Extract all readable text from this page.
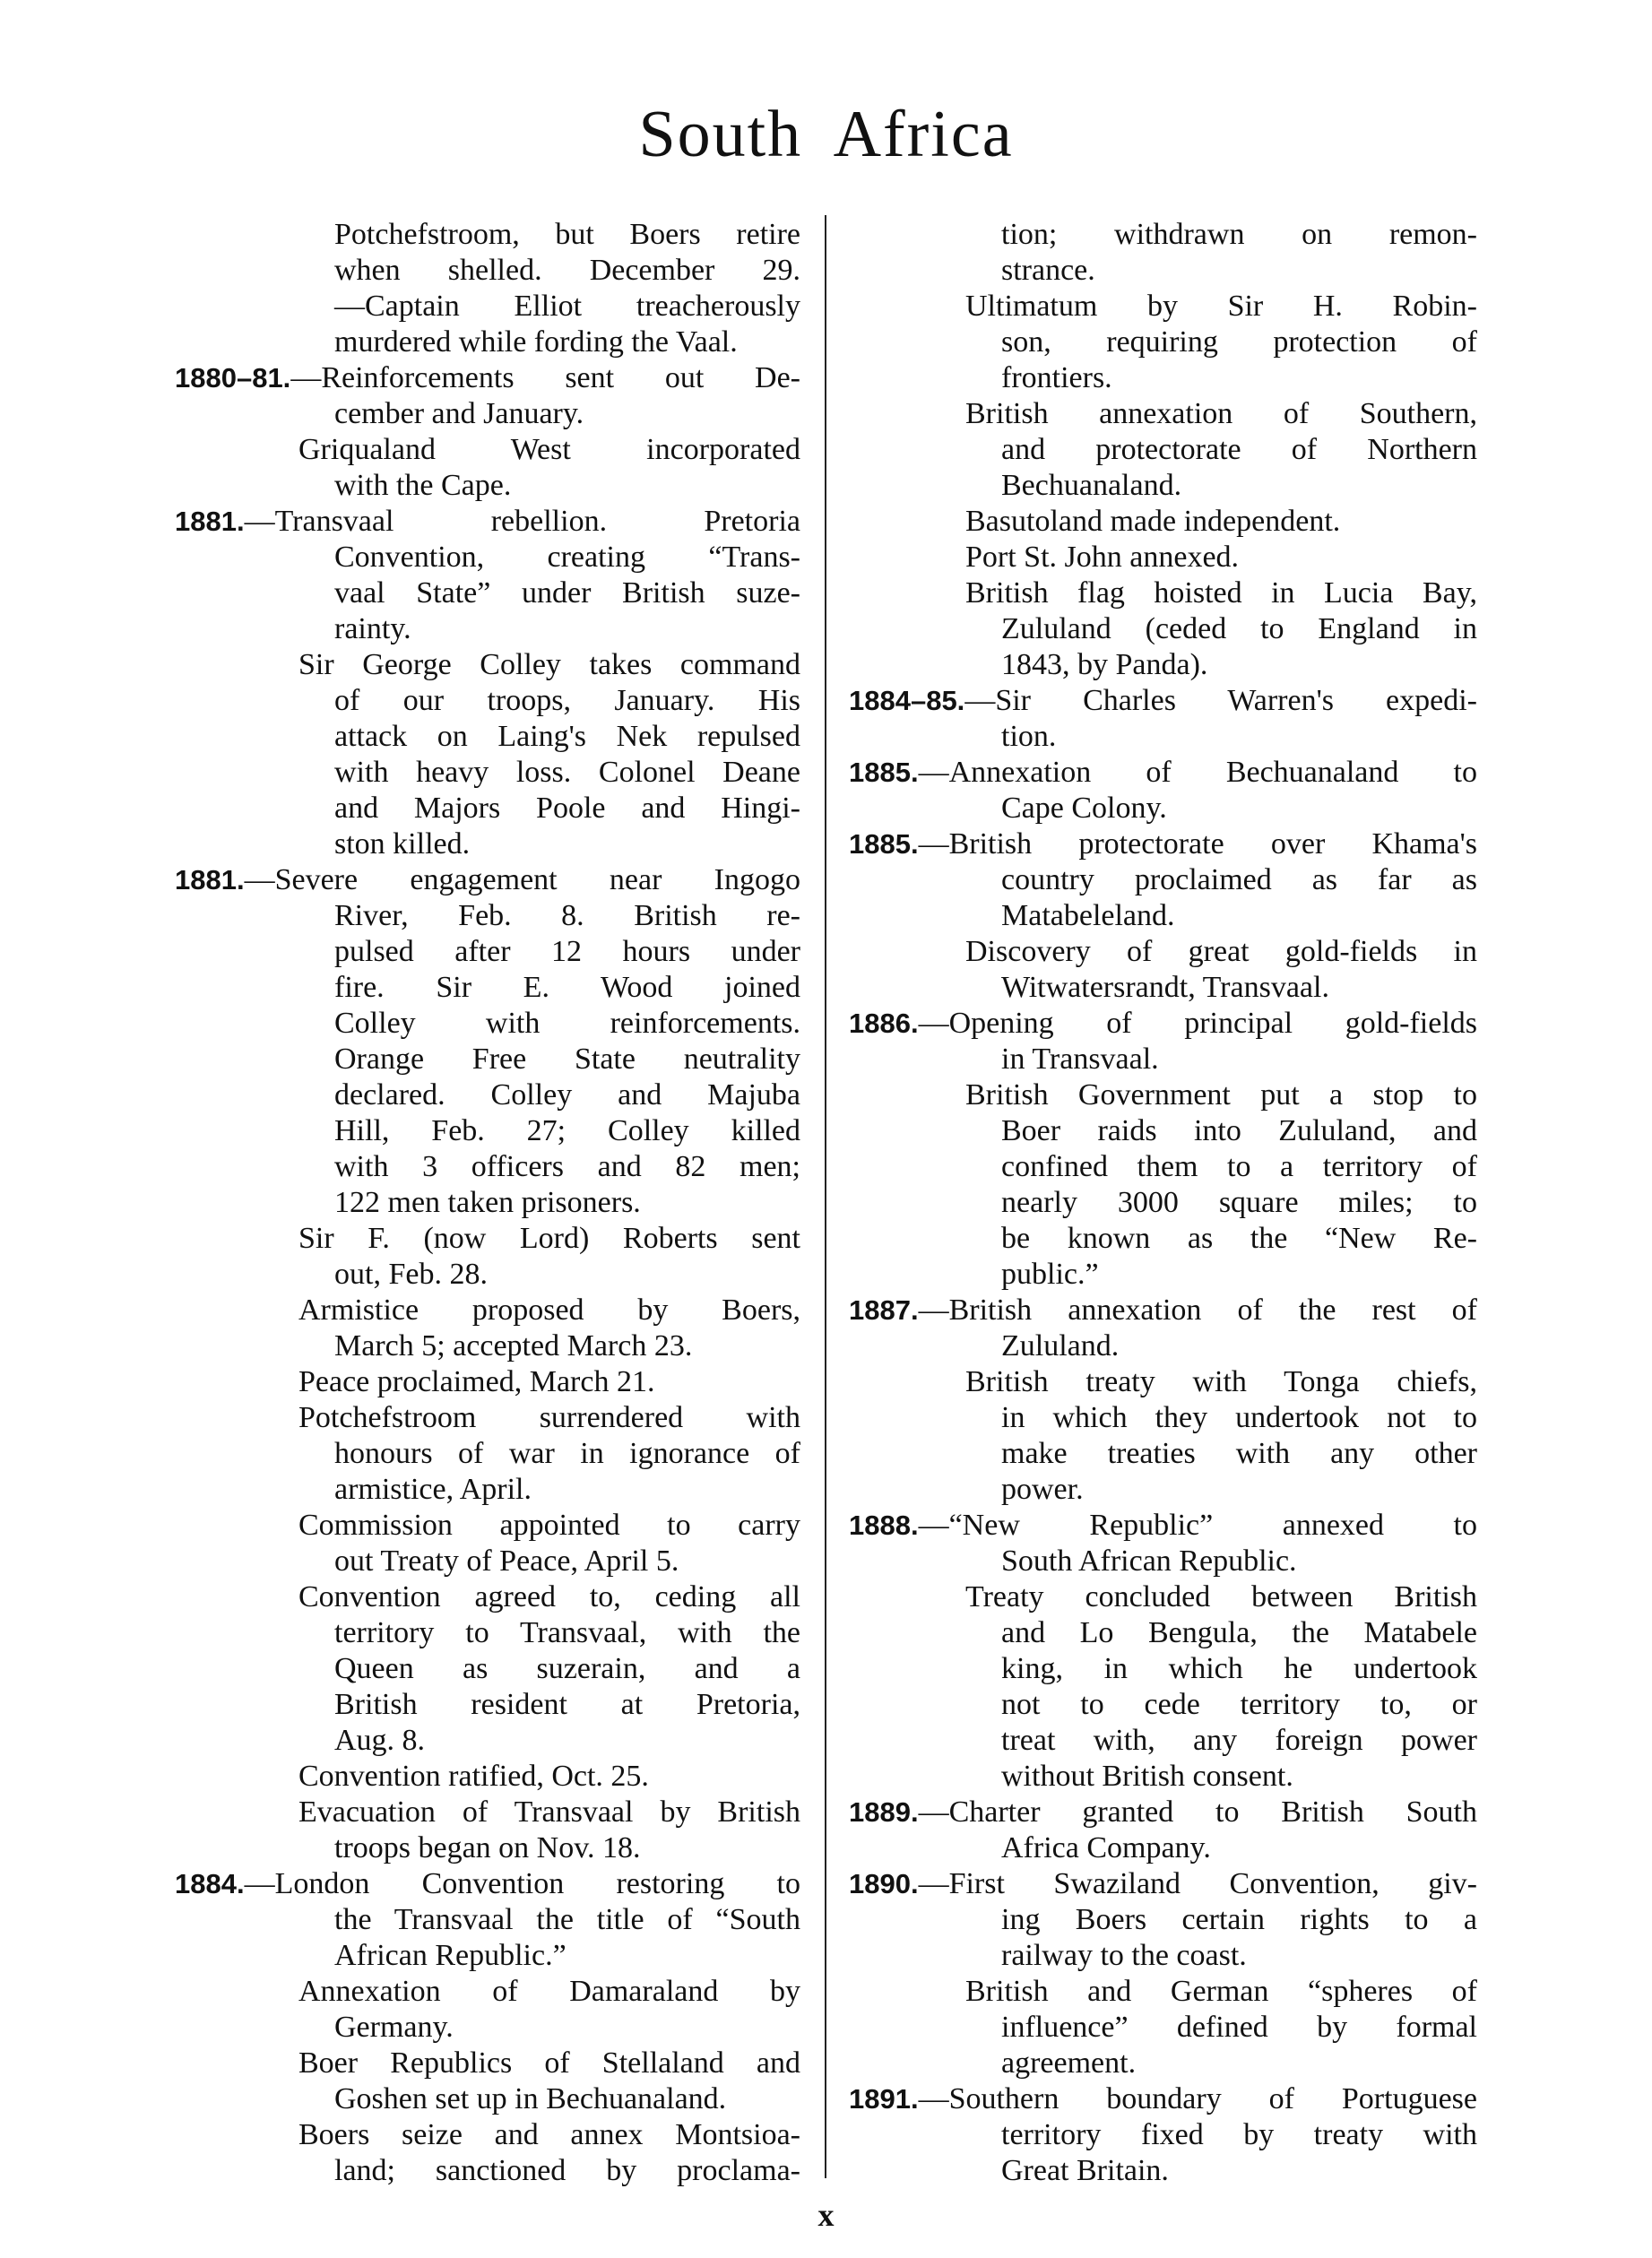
South Africa
Potchefstroom, but Boers retire
when shelled. December 29.
—Captain Elliot treacherously
murdered while fording the Vaal.
1880–81. —Reinforcements sent out De-
cember and January.
Griqualand West incorporated
with the Cape.
1881. —Transvaal rebellion. Pretoria
Convention, creating “Trans-
vaal State” under British suze-
rainty.
Sir George Colley takes command
of our troops, January. His
attack on Laing's Nek repulsed
with heavy loss. Colonel Deane
and Majors Poole and Hingi-
ston killed.
1881. —Severe engagement near Ingogo
River, Feb. 8. British re-
pulsed after 12 hours under
fire. Sir E. Wood joined
Colley with reinforcements.
Orange Free State neutrality
declared. Colley and Majuba
Hill, Feb. 27; Colley killed
with 3 officers and 82 men;
122 men taken prisoners.
Sir F. (now Lord) Roberts sent
out, Feb. 28.
Armistice proposed by Boers,
March 5; accepted March 23.
Peace proclaimed, March 21.
Potchefstroom surrendered with
honours of war in ignorance of
armistice, April.
Commission appointed to carry
out Treaty of Peace, April 5.
Convention agreed to, ceding all
territory to Transvaal, with the
Queen as suzerain, and a
British resident at Pretoria,
Aug. 8.
Convention ratified, Oct. 25.
Evacuation of Transvaal by British
troops began on Nov. 18.
1884. —London Convention restoring to
the Transvaal the title of “South
African Republic.”
Annexation of Damaraland by
Germany.
Boer Republics of Stellaland and
Goshen set up in Bechuanaland.
Boers seize and annex Montsioa-
land; sanctioned by proclama-
tion; withdrawn on remon-
strance.
Ultimatum by Sir H. Robin-
son, requiring protection of
frontiers.
British annexation of Southern,
and protectorate of Northern
Bechuanaland.
Basutoland made independent.
Port St. John annexed.
British flag hoisted in Lucia Bay,
Zululand (ceded to England in
1843, by Panda).
1884–85. —Sir Charles Warren's expedi-
tion.
1885. —Annexation of Bechuanaland to
Cape Colony.
1885. —British protectorate over Khama's
country proclaimed as far as
Matabeleland.
Discovery of great gold-fields in
Witwatersrandt, Transvaal.
1886. —Opening of principal gold-fields
in Transvaal.
British Government put a stop to
Boer raids into Zululand, and
confined them to a territory of
nearly 3000 square miles; to
be known as the “New Re-
public.”
1887. —British annexation of the rest of
Zululand.
British treaty with Tonga chiefs,
in which they undertook not to
make treaties with any other
power.
1888. —“New Republic” annexed to
South African Republic.
Treaty concluded between British
and Lo Bengula, the Matabele
king, in which he undertook
not to cede territory to, or
treat with, any foreign power
without British consent.
1889. —Charter granted to British South
Africa Company.
1890. —First Swaziland Convention, giv-
ing Boers certain rights to a
railway to the coast.
British and German “spheres of
influence” defined by formal
agreement.
1891. —Southern boundary of Portuguese
territory fixed by treaty with
Great Britain.
x
